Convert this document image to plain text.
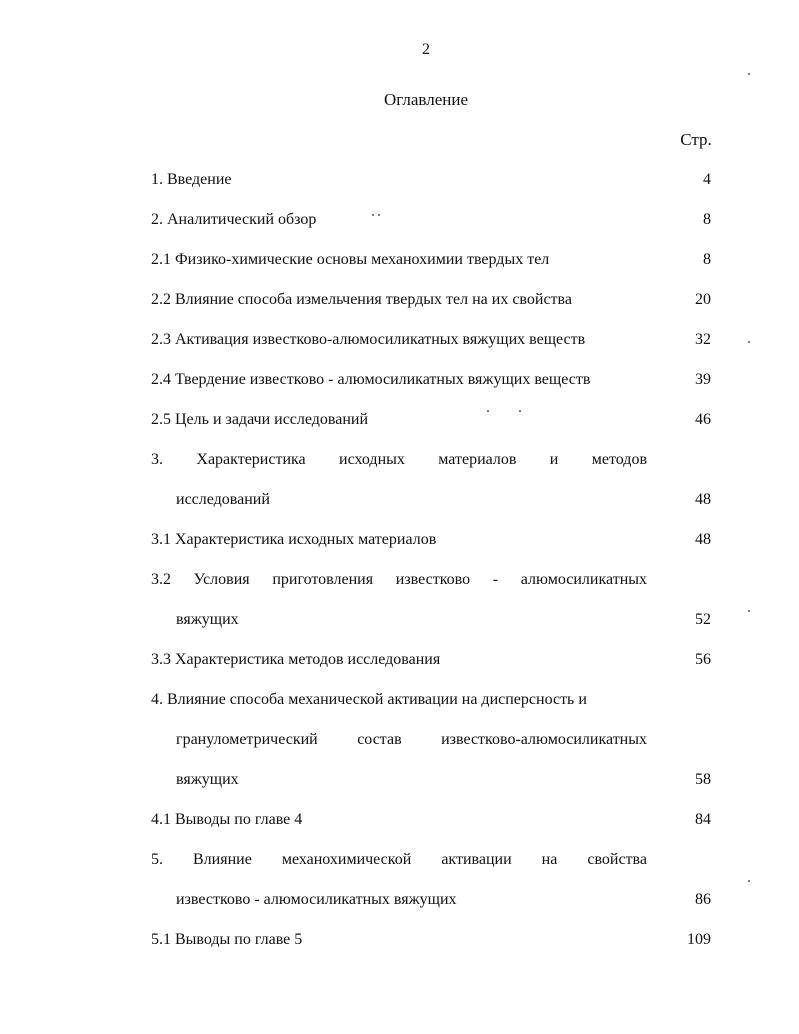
2
Оглавление
Стр.
1. Введение	4
2. Аналитический обзор	8
2.1 Физико-химические основы механохимии твердых тел	8
2.2 Влияние способа измельчения твердых тел на их свойства	20
2.3 Активация известково-алюмосиликатных вяжущих веществ	32
2.4 Твердение известково - алюмосиликатных вяжущих веществ	39
2.5 Цель и задачи исследований	46
3. Характеристика исходных материалов и методов
исследований	48
3.1 Характеристика исходных материалов	48
3.2 Условия приготовления известково - алюмосиликатных
вяжущих	52
3.3 Характеристика методов исследования	56
4. Влияние способа механической активации на дисперсность и
гранулометрический состав известково-алюмосиликатных
вяжущих	58
4.1 Выводы по главе 4	84
5. Влияние механохимической активации на свойства
известково - алюмосиликатных вяжущих	86
5.1 Выводы по главе 5	109
